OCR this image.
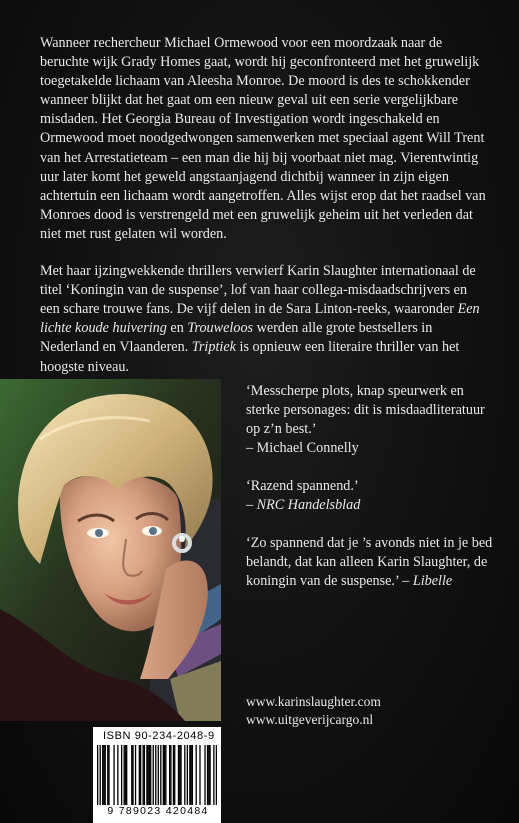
Wanneer rechercheur Michael Ormewood voor een moordzaak naar de beruchte wijk Grady Homes gaat, wordt hij geconfronteerd met het gruwelijk toegetakelde lichaam van Aleesha Monroe. De moord is des te schokkender wanneer blijkt dat het gaat om een nieuw geval uit een serie vergelijkbare misdaden. Het Georgia Bureau of Investigation wordt ingeschakeld en Ormewood moet noodgedwongen samenwerken met speciaal agent Will Trent van het Arrestatieteam – een man die hij bij voorbaat niet mag. Vierentwintig uur later komt het geweld angstaanjagend dichtbij wanneer in zijn eigen achtertuin een lichaam wordt aangetroffen. Alles wijst erop dat het raadsel van Monroes dood is verstrengeld met een gruwelijk geheim uit het verleden dat niet met rust gelaten wil worden.

Met haar ijzingwekkende thrillers verwierf Karin Slaughter internationaal de titel ‘Koningin van de suspense’, lof van haar collega-misdaadschrijvers en een schare trouwe fans. De vijf delen in de Sara Linton-reeks, waaronder Een lichte koude huivering en Trouweloos werden alle grote bestsellers in Nederland en Vlaanderen. Triptiek is opnieuw een literaire thriller van het hoogste niveau.

‘Messcherpe plots, knap speurwerk en sterke personages: dit is misdaadliteratuur op z’n best.’
– Michael Connelly
‘Razend spannend.’
– NRC Handelsblad
‘Zo spannend dat je ’s avonds niet in je bed belandt, dat kan alleen Karin Slaughter, de koningin van de suspense.’ – Libelle
www.karinslaughter.com
www.uitgeverijcargo.nl
ISBN 90-234-2048-9
9 789023 420484
